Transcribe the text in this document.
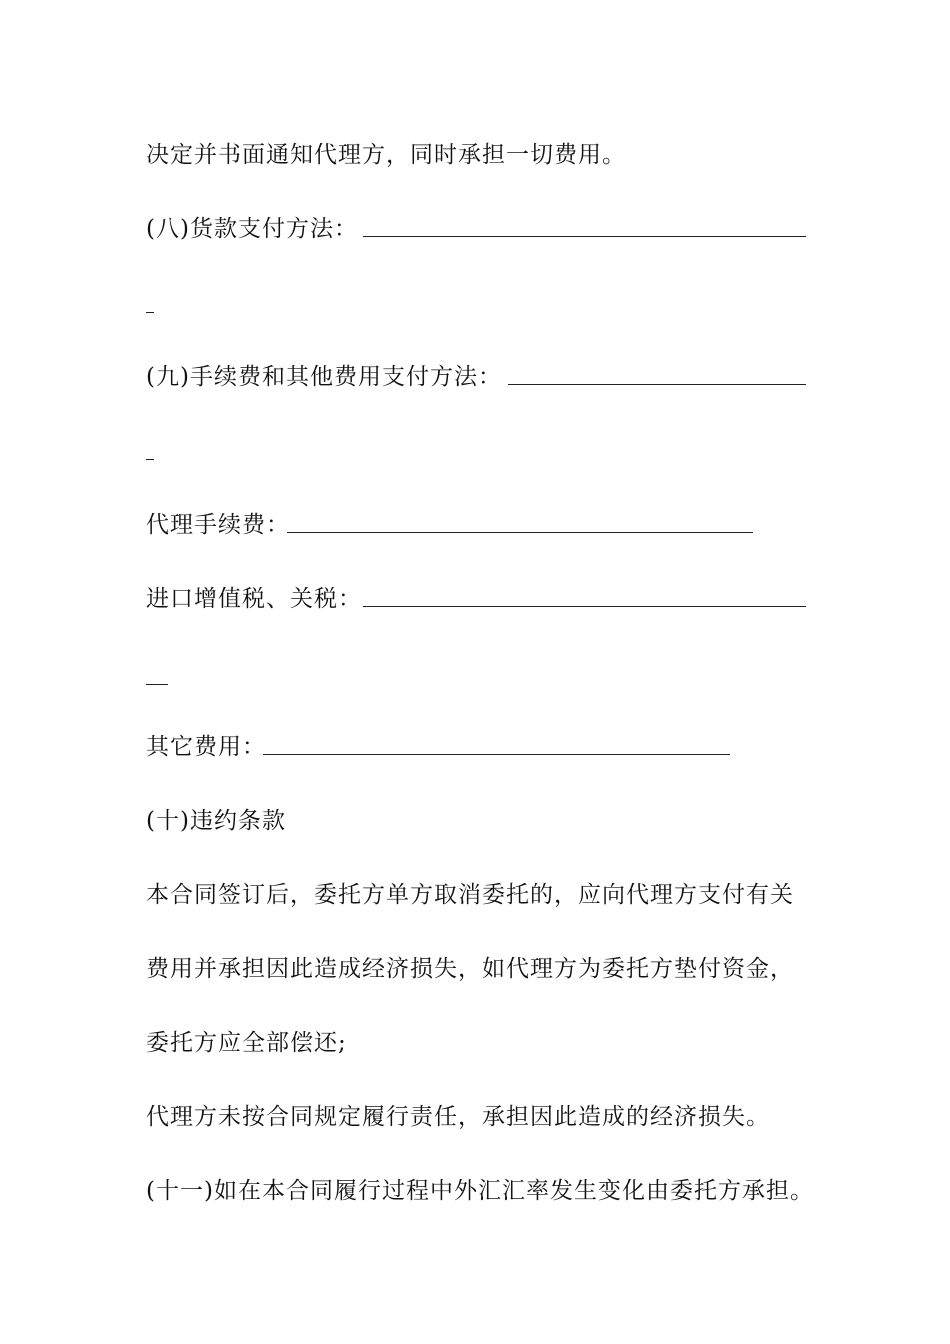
决定并书面通知代理方，同时承担一切费用。
(八)货款支付方法：
(九)手续费和其他费用支付方法：
代理手续费：
进口增值税、关税：
其它费用：
(十)违约条款
本合同签订后，委托方单方取消委托的，应向代理方支付有关
费用并承担因此造成经济损失，如代理方为委托方垫付资金，
委托方应全部偿还;
代理方未按合同规定履行责任，承担因此造成的经济损失。
(十一)如在本合同履行过程中外汇汇率发生变化由委托方承担。
